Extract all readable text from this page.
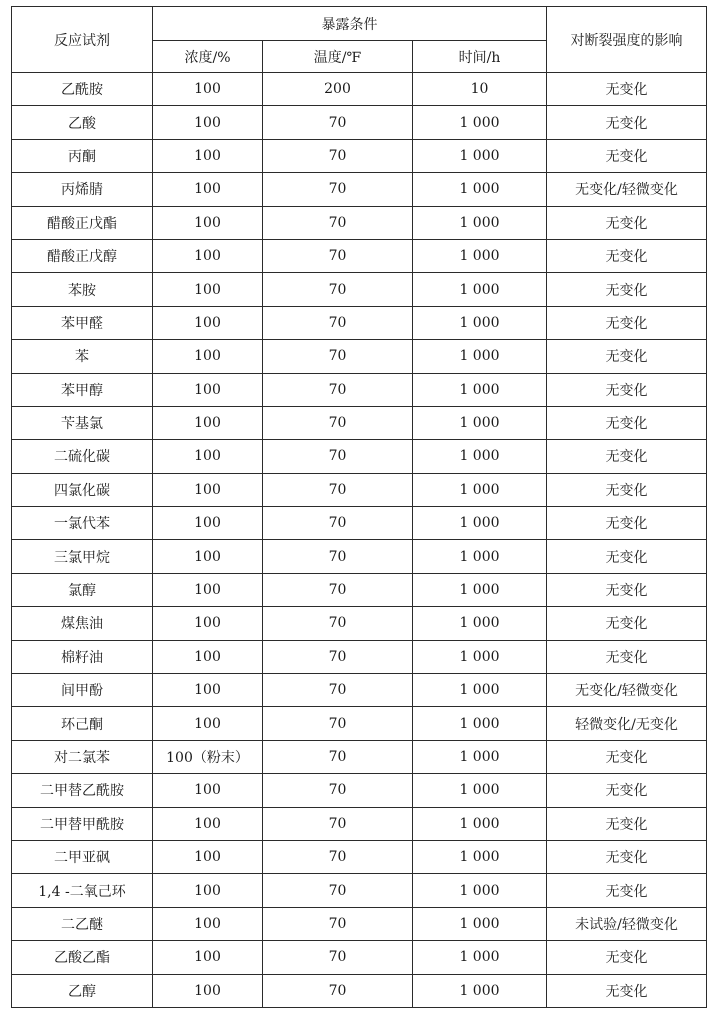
反应试剂	暴露条件			对断裂强度的影响
	浓度/%	温度/℉	时间/h	
乙酰胺	100	200	10	无变化
乙酸	100	70	1 000	无变化
丙酮	100	70	1 000	无变化
丙烯腈	100	70	1 000	无变化/轻微变化
醋酸正戊酯	100	70	1 000	无变化
醋酸正戊醇	100	70	1 000	无变化
苯胺	100	70	1 000	无变化
苯甲醛	100	70	1 000	无变化
苯	100	70	1 000	无变化
苯甲醇	100	70	1 000	无变化
苄基氯	100	70	1 000	无变化
二硫化碳	100	70	1 000	无变化
四氯化碳	100	70	1 000	无变化
一氯代苯	100	70	1 000	无变化
三氯甲烷	100	70	1 000	无变化
氯醇	100	70	1 000	无变化
煤焦油	100	70	1 000	无变化
棉籽油	100	70	1 000	无变化
间甲酚	100	70	1 000	无变化/轻微变化
环己酮	100	70	1 000	轻微变化/无变化
对二氯苯	100（粉末）	70	1 000	无变化
二甲替乙酰胺	100	70	1 000	无变化
二甲替甲酰胺	100	70	1 000	无变化
二甲亚砜	100	70	1 000	无变化
1,4 -二氧己环	100	70	1 000	无变化
二乙醚	100	70	1 000	未试验/轻微变化
乙酸乙酯	100	70	1 000	无变化
乙醇	100	70	1 000	无变化
